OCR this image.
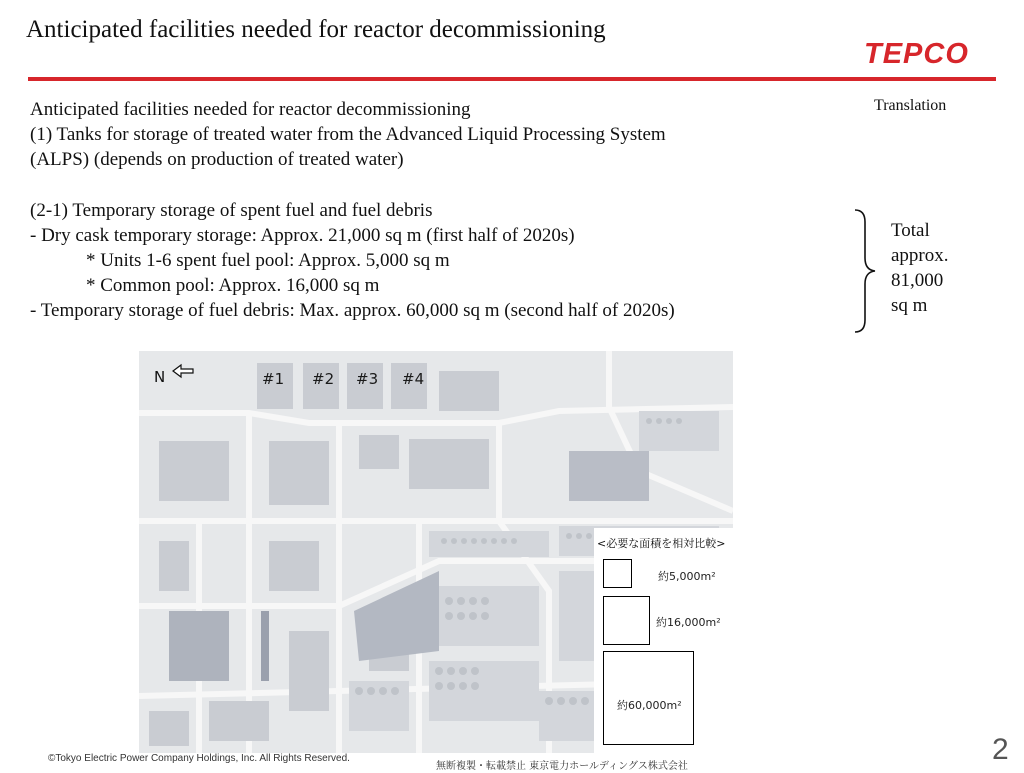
Anticipated facilities needed for reactor decommissioning
TEPCO
Translation
Anticipated facilities needed for reactor decommissioning
(1) Tanks for storage of treated water from the Advanced Liquid Processing System
(ALPS) (depends on production of treated water)
(2-1) Temporary storage of spent fuel and fuel debris
- Dry cask temporary storage: Approx. 21,000 sq m (first half of 2020s)
* Units 1-6 spent fuel pool: Approx. 5,000 sq m
* Common pool: Approx. 16,000 sq m
- Temporary storage of fuel debris: Max. approx. 60,000 sq m (second half of 2020s)
Total
approx.
81,000
sq m
N	#1 #2 #3 #4
<必要な面積を相対比較>
約5,000m²
約16,000m²
約60,000m²
©Tokyo Electric Power Company Holdings, Inc. All Rights Reserved.
無断複製・転載禁止 東京電力ホールディングス株式会社
2
